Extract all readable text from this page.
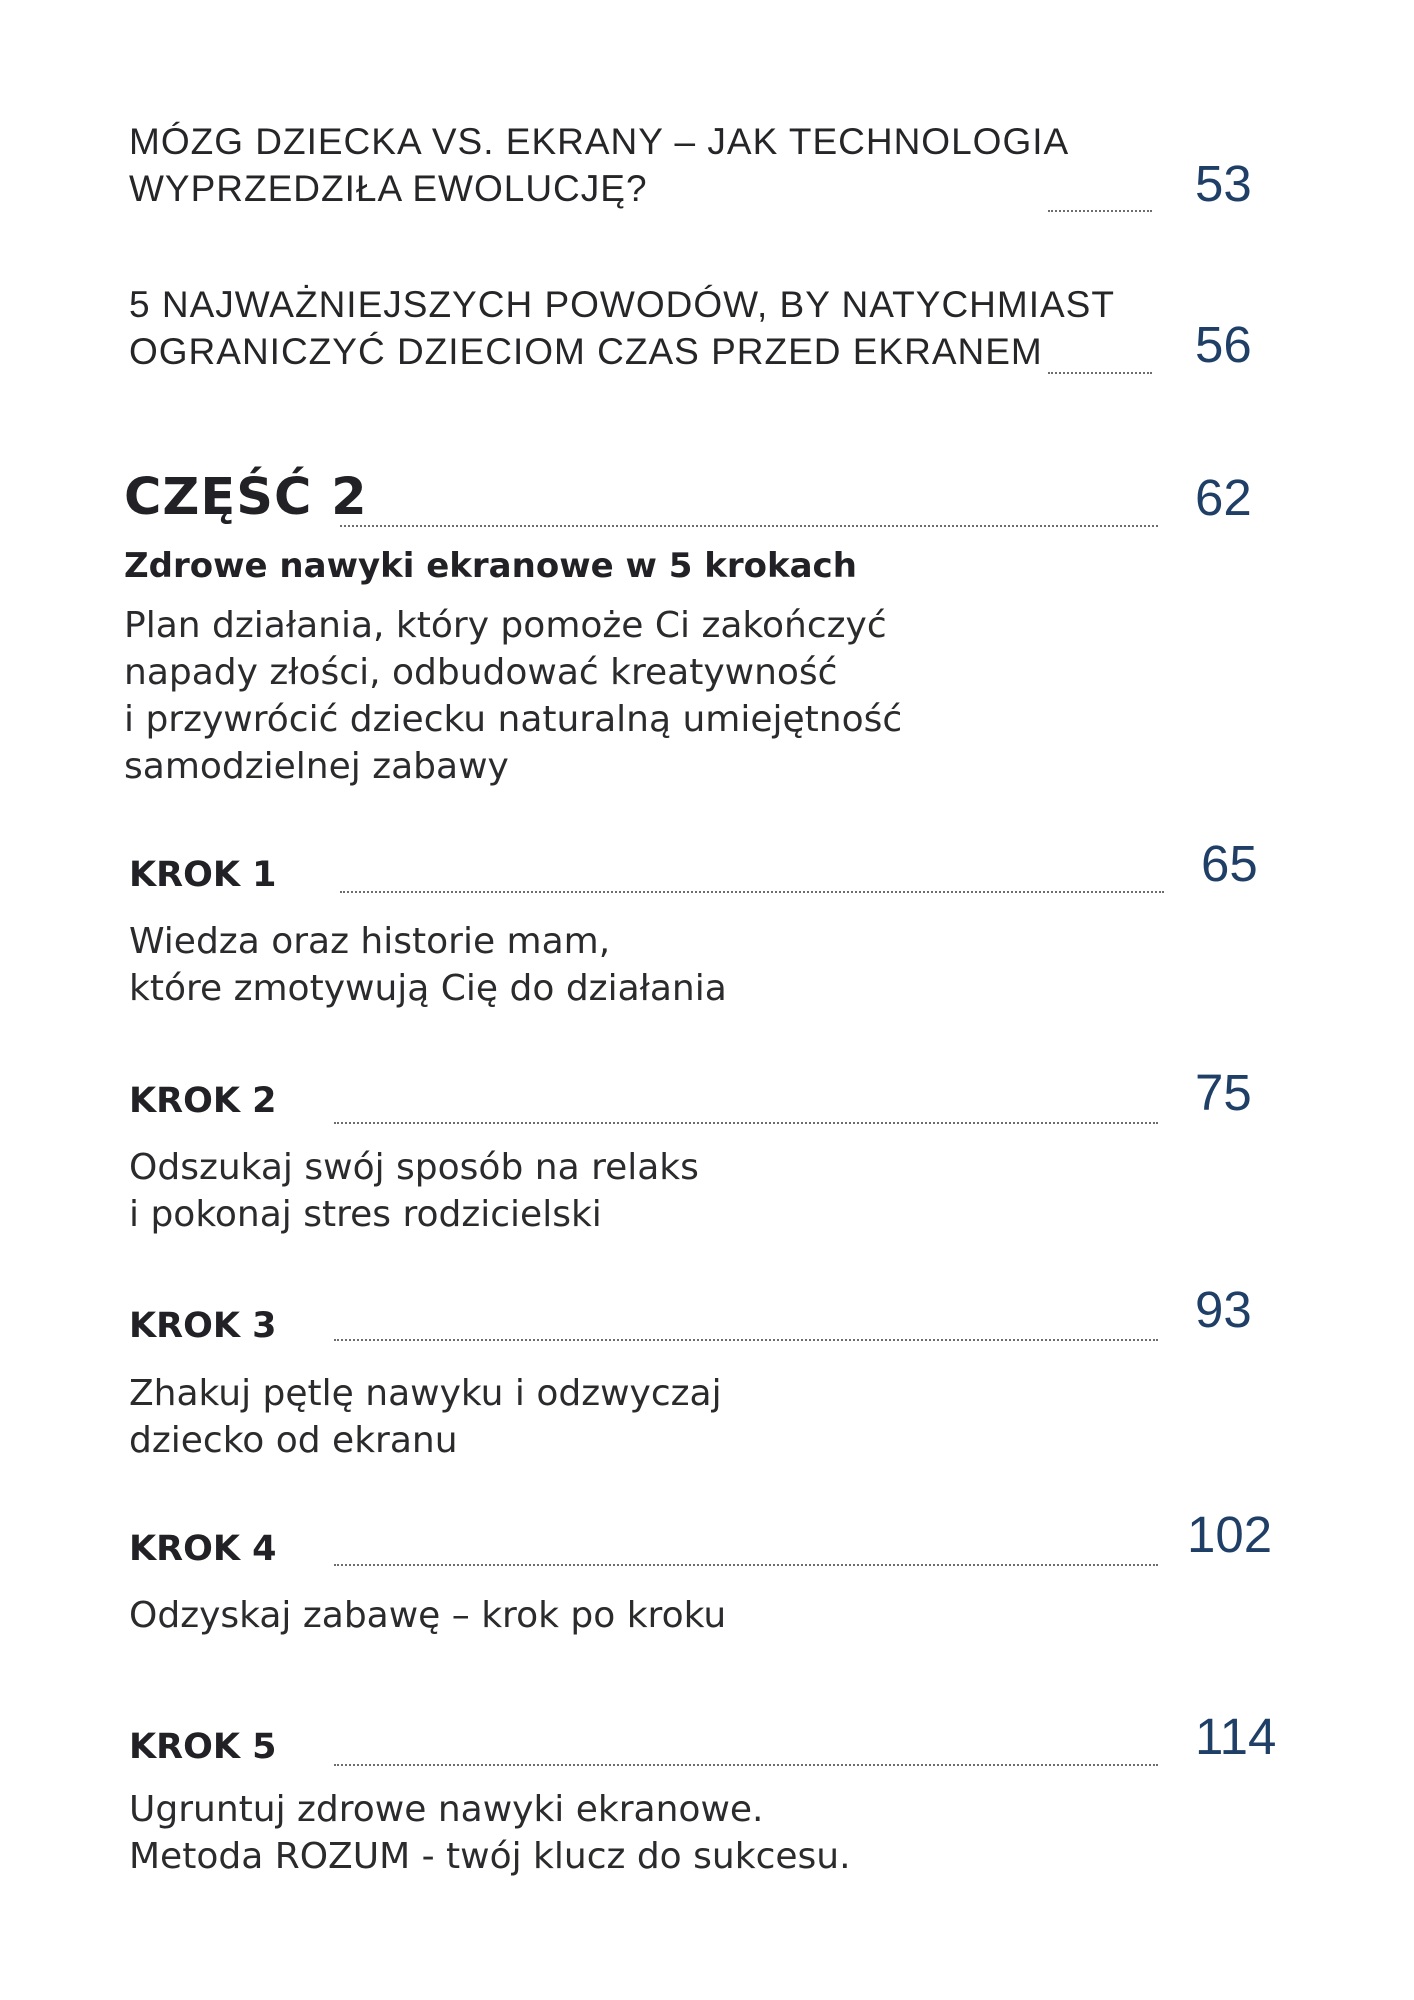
MÓZG DZIECKA VS. EKRANY – JAK TECHNOLOGIA
WYPRZEDZIŁA EWOLUCJĘ?	53
5 NAJWAŻNIEJSZYCH POWODÓW, BY NATYCHMIAST
OGRANICZYĆ DZIECIOM CZAS PRZED EKRANEM	56
CZĘŚĆ 2	62
Zdrowe nawyki ekranowe w 5 krokach
Plan działania, który pomoże Ci zakończyć
napady złości, odbudować kreatywność
i przywrócić dziecku naturalną umiejętność
samodzielnej zabawy
KROK 1	65
Wiedza oraz historie mam,
które zmotywują Cię do działania
KROK 2	75
Odszukaj swój sposób na relaks
i pokonaj stres rodzicielski
KROK 3	93
Zhakuj pętlę nawyku i odzwyczaj
dziecko od ekranu
KROK 4	102
Odzyskaj zabawę – krok po kroku
KROK 5	114
Ugruntuj zdrowe nawyki ekranowe.
Metoda ROZUM - twój klucz do sukcesu.
